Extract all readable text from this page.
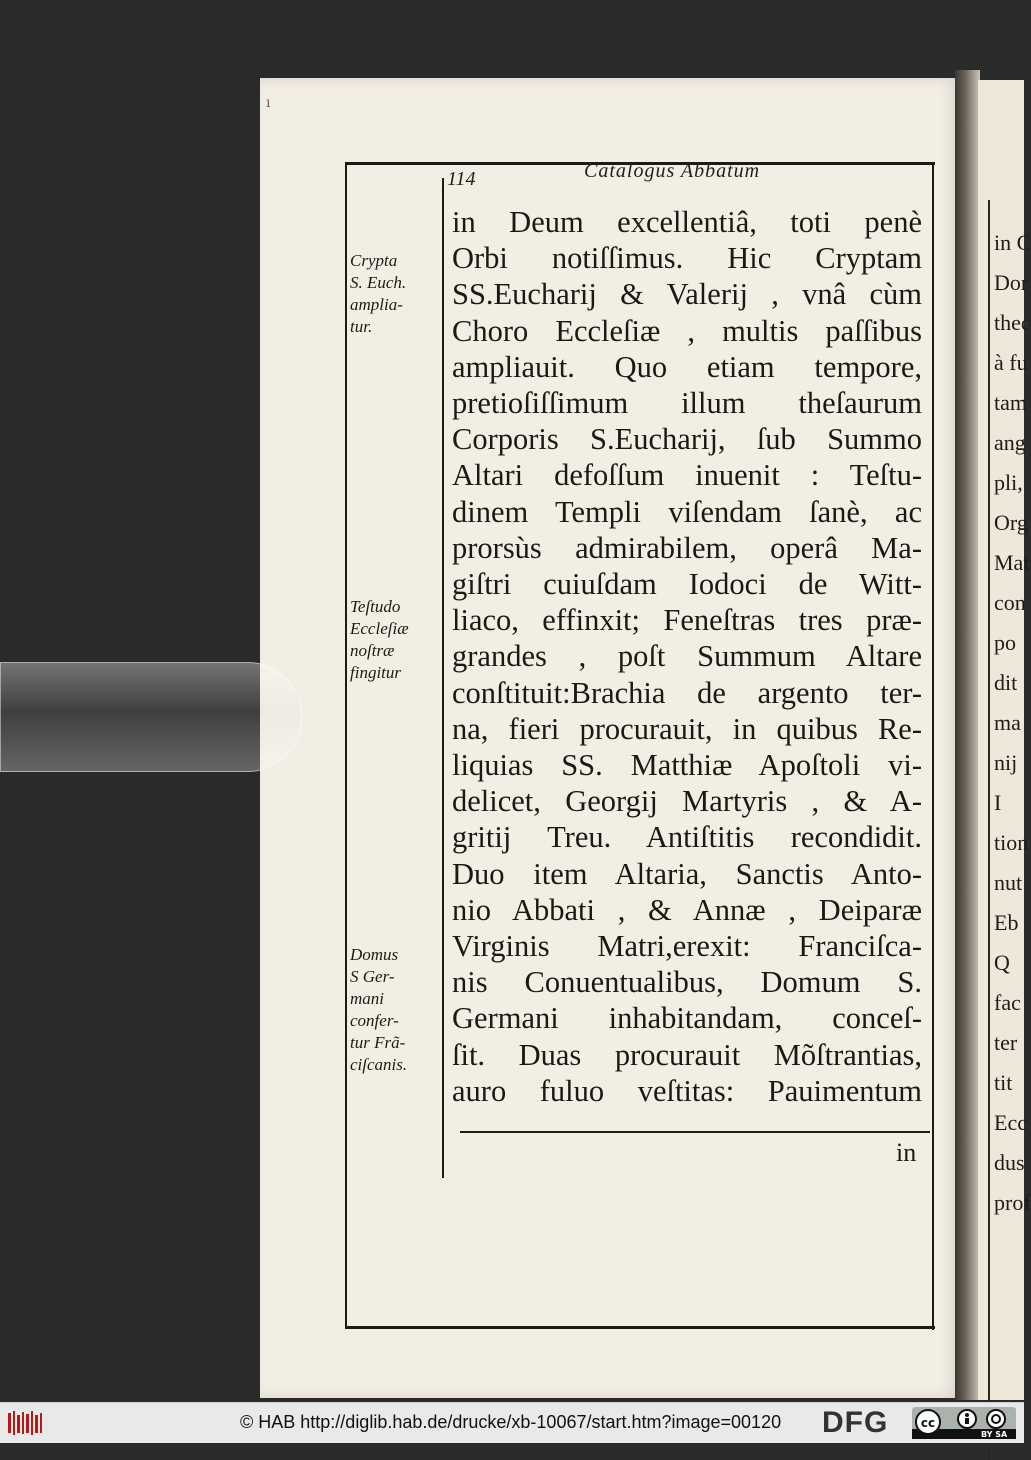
in C
Dor
thec
à fu
tam
ang
pli,
Org
Mat
con
po
dit
ma
nij
I
tion
nut
Eb
Q
fac
ter
tit
Ecc
dus
prof
ı
114	Catalogus Abbatum
in Deum excellentiâ, toti penè
Orbi notiſſimus. Hic Cryptam
SS.Eucharij & Valerij , vnâ cùm
Choro Eccleſiæ , multis paſſibus
ampliauit. Quo etiam tempore,
pretioſiſſimum illum theſaurum
Corporis S.Eucharij, ſub Summo
Altari defoſſum inuenit : Teſtu-
dinem Templi viſendam ſanè, ac
prorsùs admirabilem, operâ Ma-
giſtri cuiuſdam Iodoci de Witt-
liaco, effinxit; Feneſtras tres præ-
grandes , poſt Summum Altare
conſtituit:Brachia de argento ter-
na, fieri procurauit, in quibus Re-
liquias SS. Matthiæ Apoſtoli vi-
delicet, Georgij Martyris , & A-
gritij Treu. Antiſtitis recondidit.
Duo item Altaria, Sanctis Anto-
nio Abbati , & Annæ , Deiparæ
Virginis Matri,erexit: Franciſca-
nis Conuentualibus, Domum S.
Germani inhabitandam, conceſ-
ſit. Duas procurauit Mõſtrantias,
auro fuluo veſtitas: Pauimentum
Crypta
S. Euch.
amplia-
tur.
Teſtudo
Eccleſiæ
noſtræ
fingitur
Domus
S Ger-
mani
confer-
tur Frã-
ciſcanis.
in
© HAB http://diglib.hab.de/drucke/xb-10067/start.htm?image=00120 DFG	cc
BY SA
